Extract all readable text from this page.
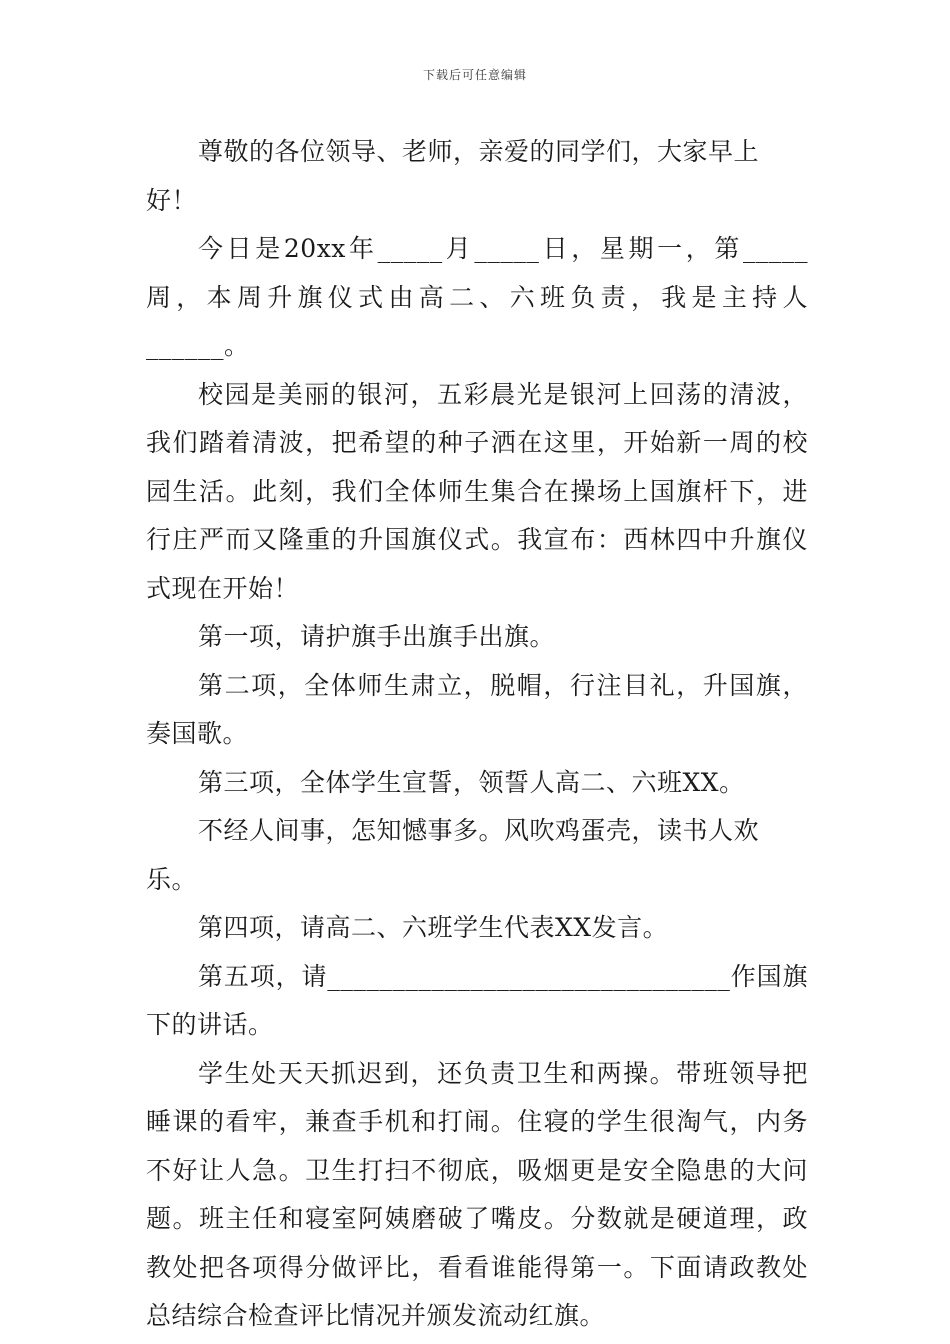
下载后可任意编辑

尊敬的各位领导、老师，亲爱的同学们，大家早上好！

今日是20xx年_____月_____日，星期一，第_____周，本周升旗仪式由高二、六班负责，我是主持人______。

校园是美丽的银河，五彩晨光是银河上回荡的清波，我们踏着清波，把希望的种子洒在这里，开始新一周的校园生活。此刻，我们全体师生集合在操场上国旗杆下，进行庄严而又隆重的升国旗仪式。我宣布：西林四中升旗仪式现在开始！

第一项，请护旗手出旗手出旗。

第二项，全体师生肃立，脱帽，行注目礼，升国旗，奏国歌。

第三项，全体学生宣誓，领誓人高二、六班XX。

不经人间事，怎知憾事多。风吹鸡蛋壳，读书人欢乐。

第四项，请高二、六班学生代表XX发言。

第五项，请_______________________________作国旗下的讲话。

学生处天天抓迟到，还负责卫生和两操。带班领导把睡课的看牢，兼查手机和打闹。住寝的学生很淘气，内务不好让人急。卫生打扫不彻底，吸烟更是安全隐患的大问题。班主任和寝室阿姨磨破了嘴皮。分数就是硬道理，政教处把各项得分做评比，看看谁能得第一。下面请政教处总结综合检查评比情况并颁发流动红旗。
